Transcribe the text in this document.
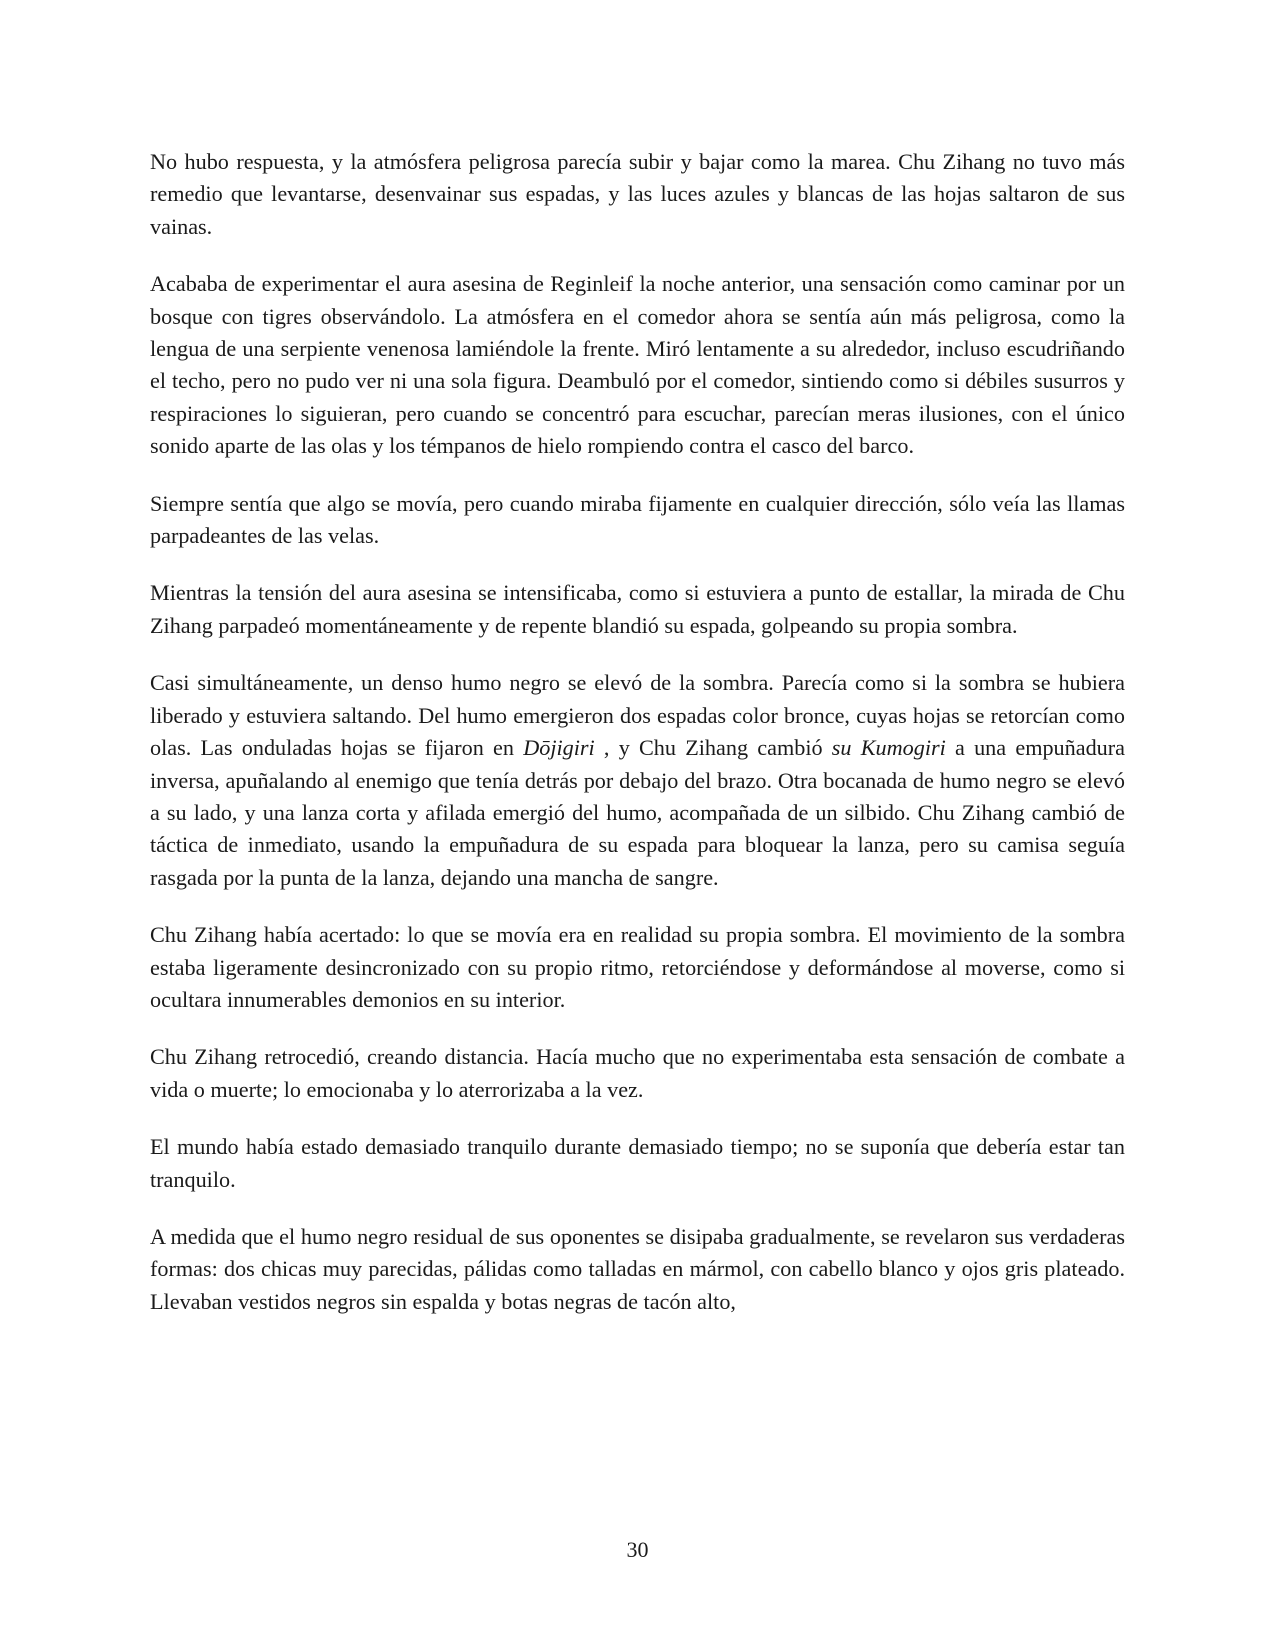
No hubo respuesta, y la atmósfera peligrosa parecía subir y bajar como la marea. Chu Zihang no tuvo más remedio que levantarse, desenvainar sus espadas, y las luces azules y blancas de las hojas saltaron de sus vainas.

Acababa de experimentar el aura asesina de Reginleif la noche anterior, una sensación como caminar por un bosque con tigres observándolo. La atmósfera en el comedor ahora se sentía aún más peligrosa, como la lengua de una serpiente venenosa lamiéndole la frente. Miró lentamente a su alrededor, incluso escudriñando el techo, pero no pudo ver ni una sola figura. Deambuló por el comedor, sintiendo como si débiles susurros y respiraciones lo siguieran, pero cuando se concentró para escuchar, parecían meras ilusiones, con el único sonido aparte de las olas y los témpanos de hielo rompiendo contra el casco del barco.

Siempre sentía que algo se movía, pero cuando miraba fijamente en cualquier dirección, sólo veía las llamas parpadeantes de las velas.

Mientras la tensión del aura asesina se intensificaba, como si estuviera a punto de estallar, la mirada de Chu Zihang parpadeó momentáneamente y de repente blandió su espada, golpeando su propia sombra.

Casi simultáneamente, un denso humo negro se elevó de la sombra. Parecía como si la sombra se hubiera liberado y estuviera saltando. Del humo emergieron dos espadas color bronce, cuyas hojas se retorcían como olas. Las onduladas hojas se fijaron en Dōjigiri , y Chu Zihang cambió su Kumogiri a una empuñadura inversa, apuñalando al enemigo que tenía detrás por debajo del brazo. Otra bocanada de humo negro se elevó a su lado, y una lanza corta y afilada emergió del humo, acompañada de un silbido. Chu Zihang cambió de táctica de inmediato, usando la empuñadura de su espada para bloquear la lanza, pero su camisa seguía rasgada por la punta de la lanza, dejando una mancha de sangre.

Chu Zihang había acertado: lo que se movía era en realidad su propia sombra. El movimiento de la sombra estaba ligeramente desincronizado con su propio ritmo, retorciéndose y deformándose al moverse, como si ocultara innumerables demonios en su interior.

Chu Zihang retrocedió, creando distancia. Hacía mucho que no experimentaba esta sensación de combate a vida o muerte; lo emocionaba y lo aterrorizaba a la vez.

El mundo había estado demasiado tranquilo durante demasiado tiempo; no se suponía que debería estar tan tranquilo.

A medida que el humo negro residual de sus oponentes se disipaba gradualmente, se revelaron sus verdaderas formas: dos chicas muy parecidas, pálidas como talladas en mármol, con cabello blanco y ojos gris plateado. Llevaban vestidos negros sin espalda y botas negras de tacón alto,

30
